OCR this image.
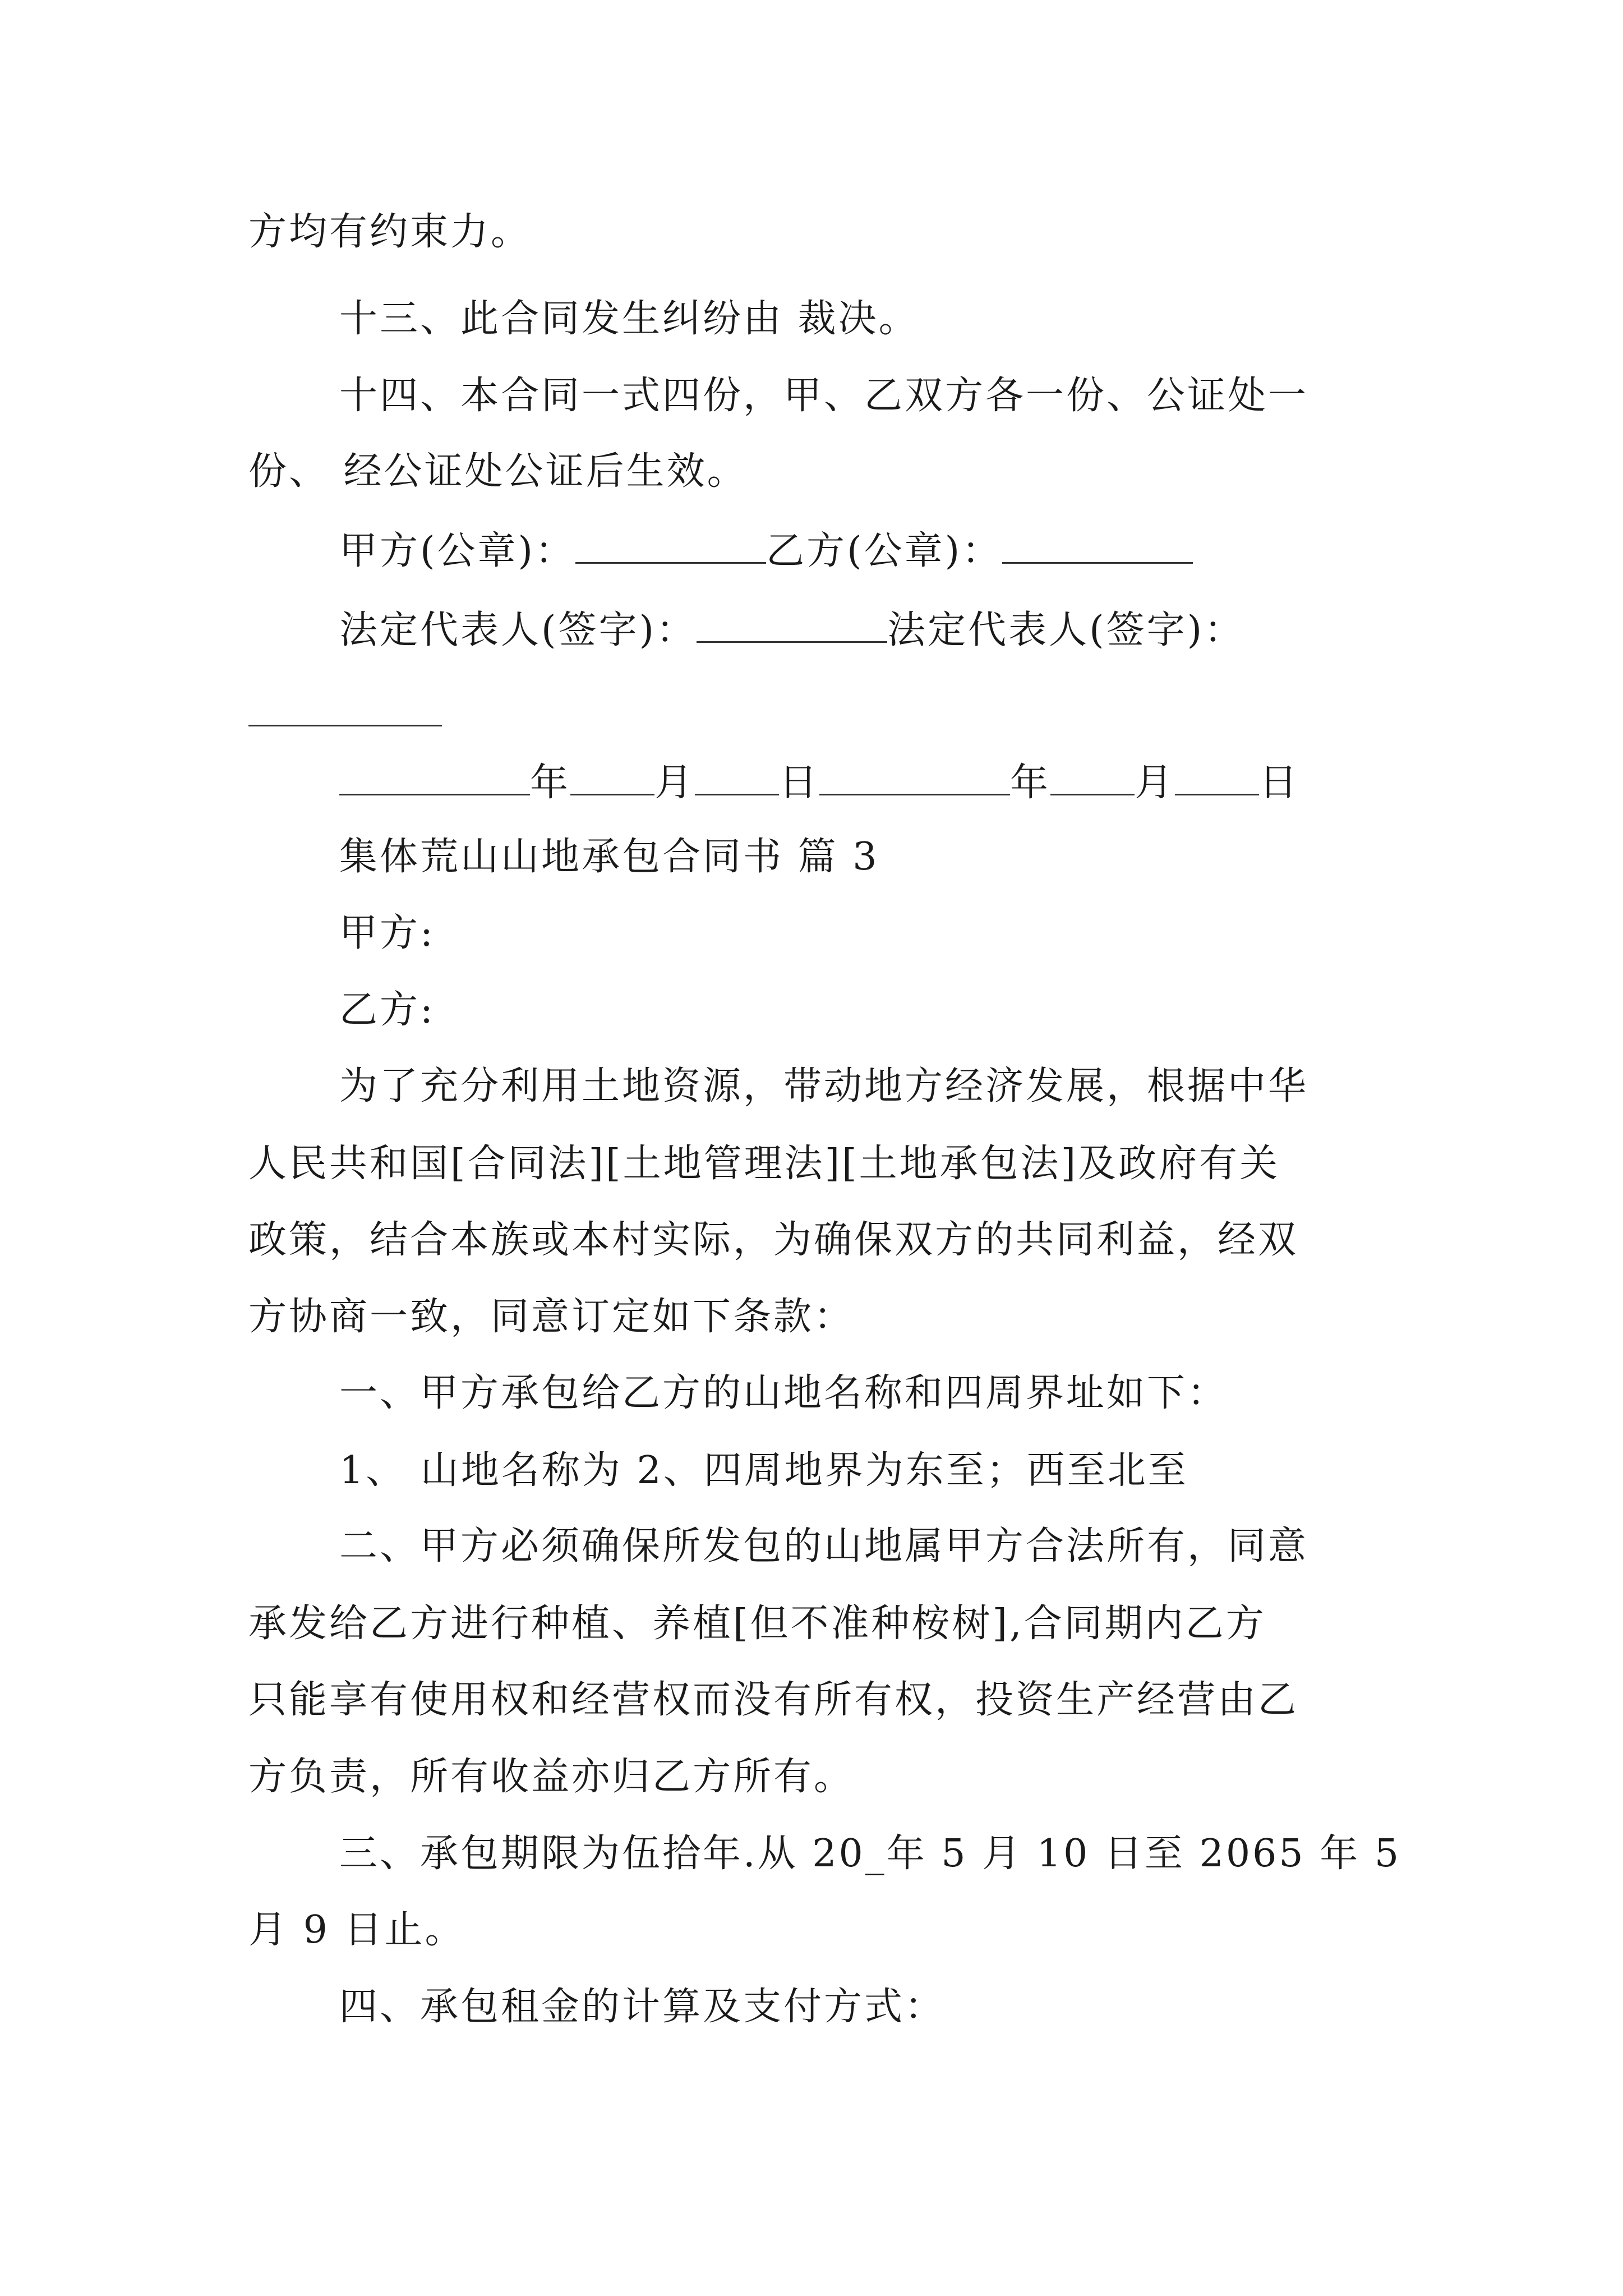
方均有约束力。
十三、此合同发生纠纷由 裁决。
十四、本合同一式四份，甲、乙双方各一份、公证处一
份、 经公证处公证后生效。
甲方(公章)：	乙方(公章)：
法定代表人(签字)：	法定代表人(签字)：
年 月 日	年 月 日
集体荒山山地承包合同书 篇 3
甲方:
乙方:
为了充分利用土地资源，带动地方经济发展，根据中华
人民共和国[合同法][土地管理法][土地承包法]及政府有关
政策，结合本族或本村实际，为确保双方的共同利益，经双
方协商一致，同意订定如下条款：
一、甲方承包给乙方的山地名称和四周界址如下：
1、 山地名称为 2、四周地界为东至；西至北至
二、甲方必须确保所发包的山地属甲方合法所有，同意
承发给乙方进行种植、养植[但不准种桉树],合同期内乙方
只能享有使用权和经营权而没有所有权，投资生产经营由乙
方负责，所有收益亦归乙方所有。
三、承包期限为伍拾年.从 20_年 5 月 10 日至 2065 年 5
月 9 日止。
四、承包租金的计算及支付方式：
